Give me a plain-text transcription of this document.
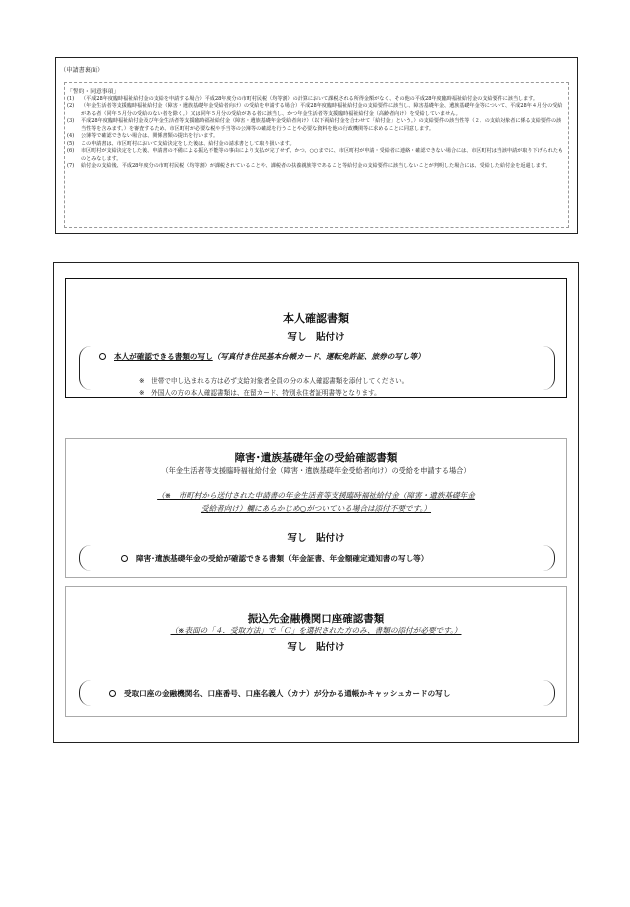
（申請書裏面）
「誓約・同意事項」
(1)	（平成28年度臨時福祉給付金の支給を申請する場合）平成28年度分の市町村民税（均等割）の計算において課税される所得金額がなく、その他の平成28年度臨時福祉給付金の支給要件に該当します。
(2)	（年金生活者等支援臨時福祉給付金（障害・遺族基礎年金受給者向け）の受給を申請する場合）平成28年度臨時福祉給付金の支給要件に該当し、障害基礎年金、遺族基礎年金等について、平成28年４月分の受給がある者（同年５月分の受給のない者を除く。）又は同年５月分の受給がある者に該当し、かつ年金生活者等支援臨時福祉給付金（高齢者向け）を受給していません。
(3)	平成28年度臨時福祉給付金及び年金生活者等支援臨時福祉給付金（障害・遺族基礎年金受給者向け）（以下両給付金を合わせて「給付金」という。）の支給要件の該当性等（２．の支給対象者に係る支給要件の該当性等を含みます。）を審査するため、市区町村が必要な税や手当等の公簿等の確認を行うことや必要な資料を他の行政機関等に求めることに同意します。
(4)	公簿等で確認できない場合は、関係書類の提出を行います。
(5)	この申請書は、市区町村において支給決定をした後は、給付金の請求書として取り扱います。
(6)	市区町村が支給決定をした後、申請書の不備による振込不能等の事由により支払が完了せず、かつ、○○までに、市区町村が申請・受給者に連絡・確認できない場合には、市区町村は当該申請が取り下げられたものとみなします。
(7)	給付金の支給後、平成28年度分の市町村民税（均等割）が課税されていることや、課税者の扶養親族等であること等給付金の支給要件に該当しないことが判明した場合には、受給した給付金を返還します。
本人確認書類
写し　貼付け
本人が確認できる書類の写し（写真付き住民基本台帳カード、運転免許証、旅券の写し等）
※　世帯で申し込まれる方は必ず支給対象者全員の分の本人確認書類を添付してください。
※　外国人の方の本人確認書類は、在留カード、特別永住者証明書等となります。
障害･遺族基礎年金の受給確認書類
（年金生活者等支援臨時福祉給付金（障害・遺族基礎年金受給者向け）の受給を申請する場合）
（※　市町村から送付された申請書の年金生活者等支援臨時福祉給付金（障害・遺族基礎年金
受給者向け）欄にあらかじめ○がついている場合は添付不要です。）
写し　貼付け
障害･遺族基礎年金の受給が確認できる書類（年金証書、年金額確定通知書の写し等）
振込先金融機関口座確認書類
（※表面の「４．受取方法」で「Ｃ」を選択された方のみ、書類の添付が必要です。）
写し　貼付け
受取口座の金融機関名、口座番号、口座名義人（カナ）が分かる通帳かキャッシュカードの写し
